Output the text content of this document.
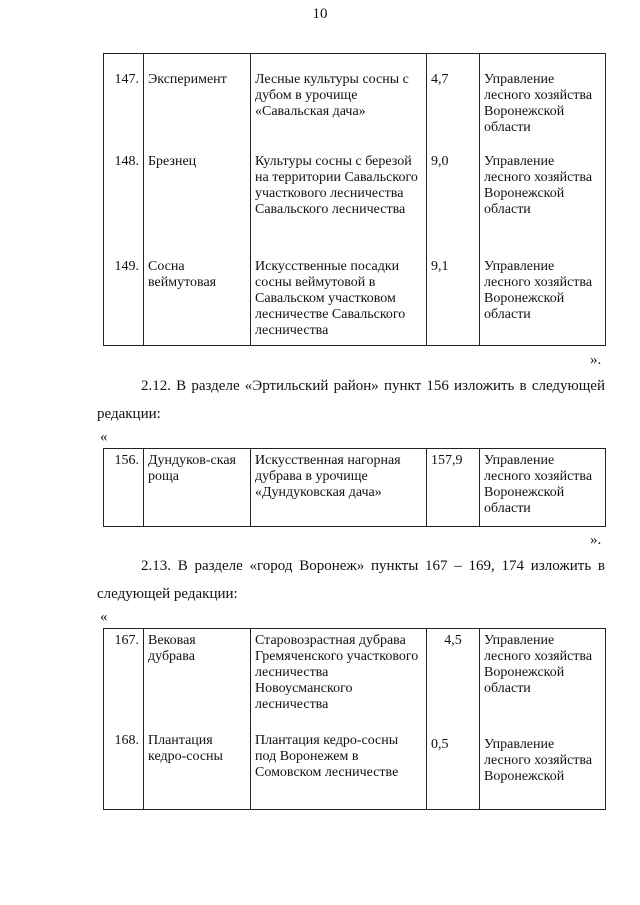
10
147.	Эксперимент	Лесные культуры сосны с дубом в урочище «Савальская дача»	4,7	Управление лесного хозяйства Воронежской области
148.	Брезнец	Культуры сосны с березой на территории Савальского участкового лесничества Савальского лесничества	9,0	Управление лесного хозяйства Воронежской области
149.	Сосна веймутовая	Искусственные посадки сосны веймутовой в Савальском участковом лесничестве Савальского лесничества	9,1	Управление лесного хозяйства Воронежской области
».
2.12. В разделе «Эртильский район» пункт 156 изложить в следующей
редакции:
«
156.	Дундуков-ская роща	Искусственная нагорная дубрава в урочище «Дундуковская дача»	157,9	Управление лесного хозяйства Воронежской области
».
2.13. В разделе «город Воронеж» пункты 167 – 169, 174 изложить в
следующей редакции:
«
167.	Вековая дубрава	Старовозрастная дубрава Гремяченского участкового лесничества Новоусманского лесничества	4,5	Управление лесного хозяйства Воронежской области
168.	Плантация кедро-сосны	Плантация кедро-сосны под Воронежем в Сомовском лесничестве	0,5	Управление лесного хозяйства Воронежской
